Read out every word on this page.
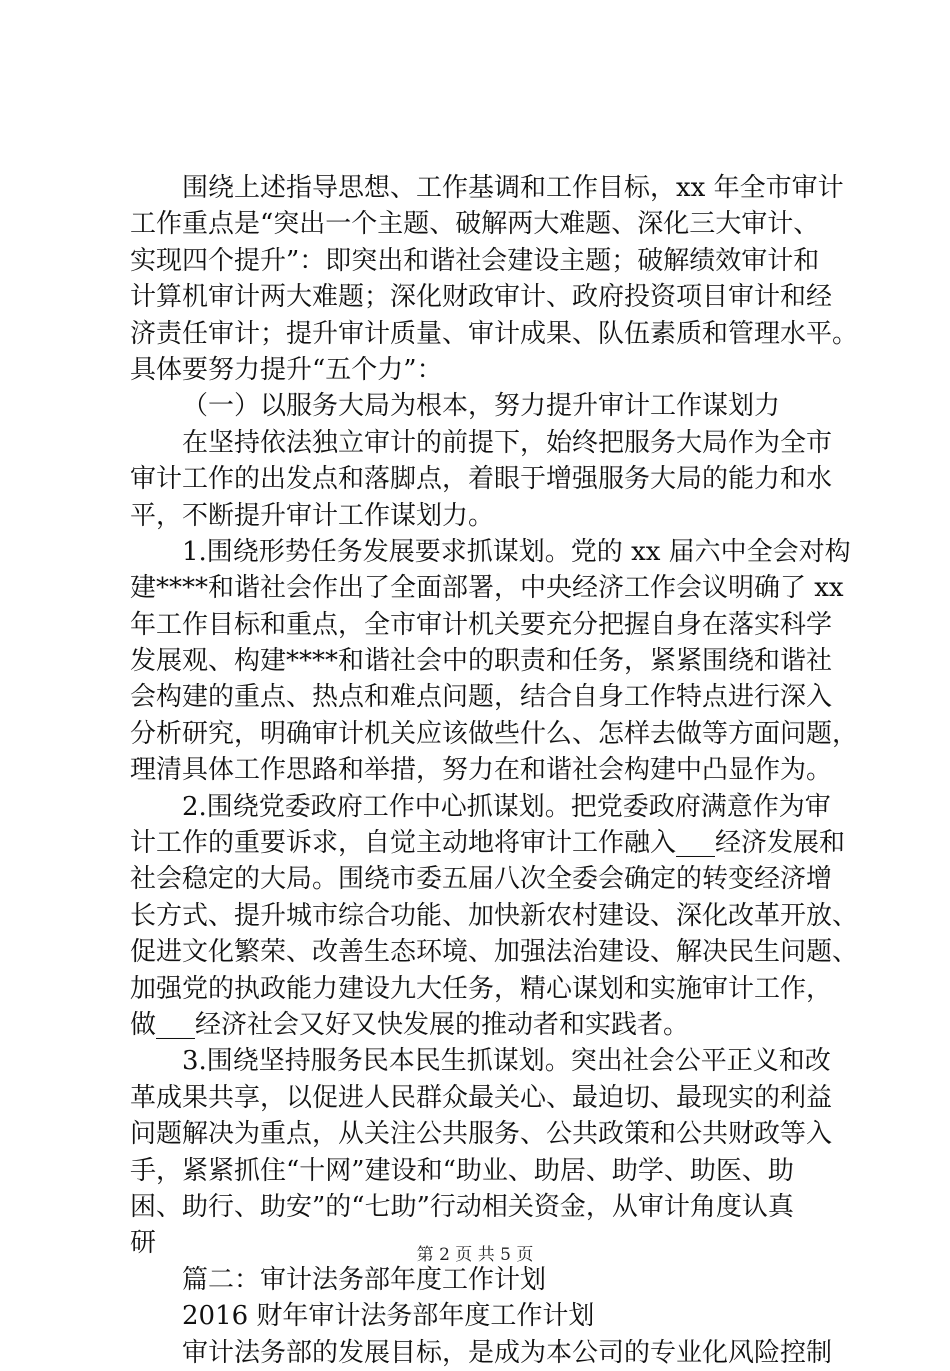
围绕上述指导思想、工作基调和工作目标，xx 年全市审计
工作重点是“突出一个主题、破解两大难题、深化三大审计、
实现四个提升”：即突出和谐社会建设主题；破解绩效审计和
计算机审计两大难题；深化财政审计、政府投资项目审计和经
济责任审计；提升审计质量、审计成果、队伍素质和管理水平。
具体要努力提升“五个力”：
（一）以服务大局为根本，努力提升审计工作谋划力
在坚持依法独立审计的前提下，始终把服务大局作为全市
审计工作的出发点和落脚点，着眼于增强服务大局的能力和水
平，不断提升审计工作谋划力。
1.围绕形势任务发展要求抓谋划。党的 xx 届六中全会对构
建****和谐社会作出了全面部署，中央经济工作会议明确了 xx
年工作目标和重点，全市审计机关要充分把握自身在落实科学
发展观、构建****和谐社会中的职责和任务，紧紧围绕和谐社
会构建的重点、热点和难点问题，结合自身工作特点进行深入
分析研究，明确审计机关应该做些什么、怎样去做等方面问题，
理清具体工作思路和举措，努力在和谐社会构建中凸显作为。
2.围绕党委政府工作中心抓谋划。把党委政府满意作为审
计工作的重要诉求，自觉主动地将审计工作融入___经济发展和
社会稳定的大局。围绕市委五届八次全委会确定的转变经济增
长方式、提升城市综合功能、加快新农村建设、深化改革开放、
促进文化繁荣、改善生态环境、加强法治建设、解决民生问题、
加强党的执政能力建设九大任务，精心谋划和实施审计工作，
做___经济社会又好又快发展的推动者和实践者。
3.围绕坚持服务民本民生抓谋划。突出社会公平正义和改
革成果共享，以促进人民群众最关心、最迫切、最现实的利益
问题解决为重点，从关注公共服务、公共政策和公共财政等入
手，紧紧抓住“十网”建设和“助业、助居、助学、助医、助
困、助行、助安”的“七助”行动相关资金，从审计角度认真
研
篇二：审计法务部年度工作计划
2016 财年审计法务部年度工作计划
审计法务部的发展目标，是成为本公司的专业化风险控制
第 2 页 共 5 页
